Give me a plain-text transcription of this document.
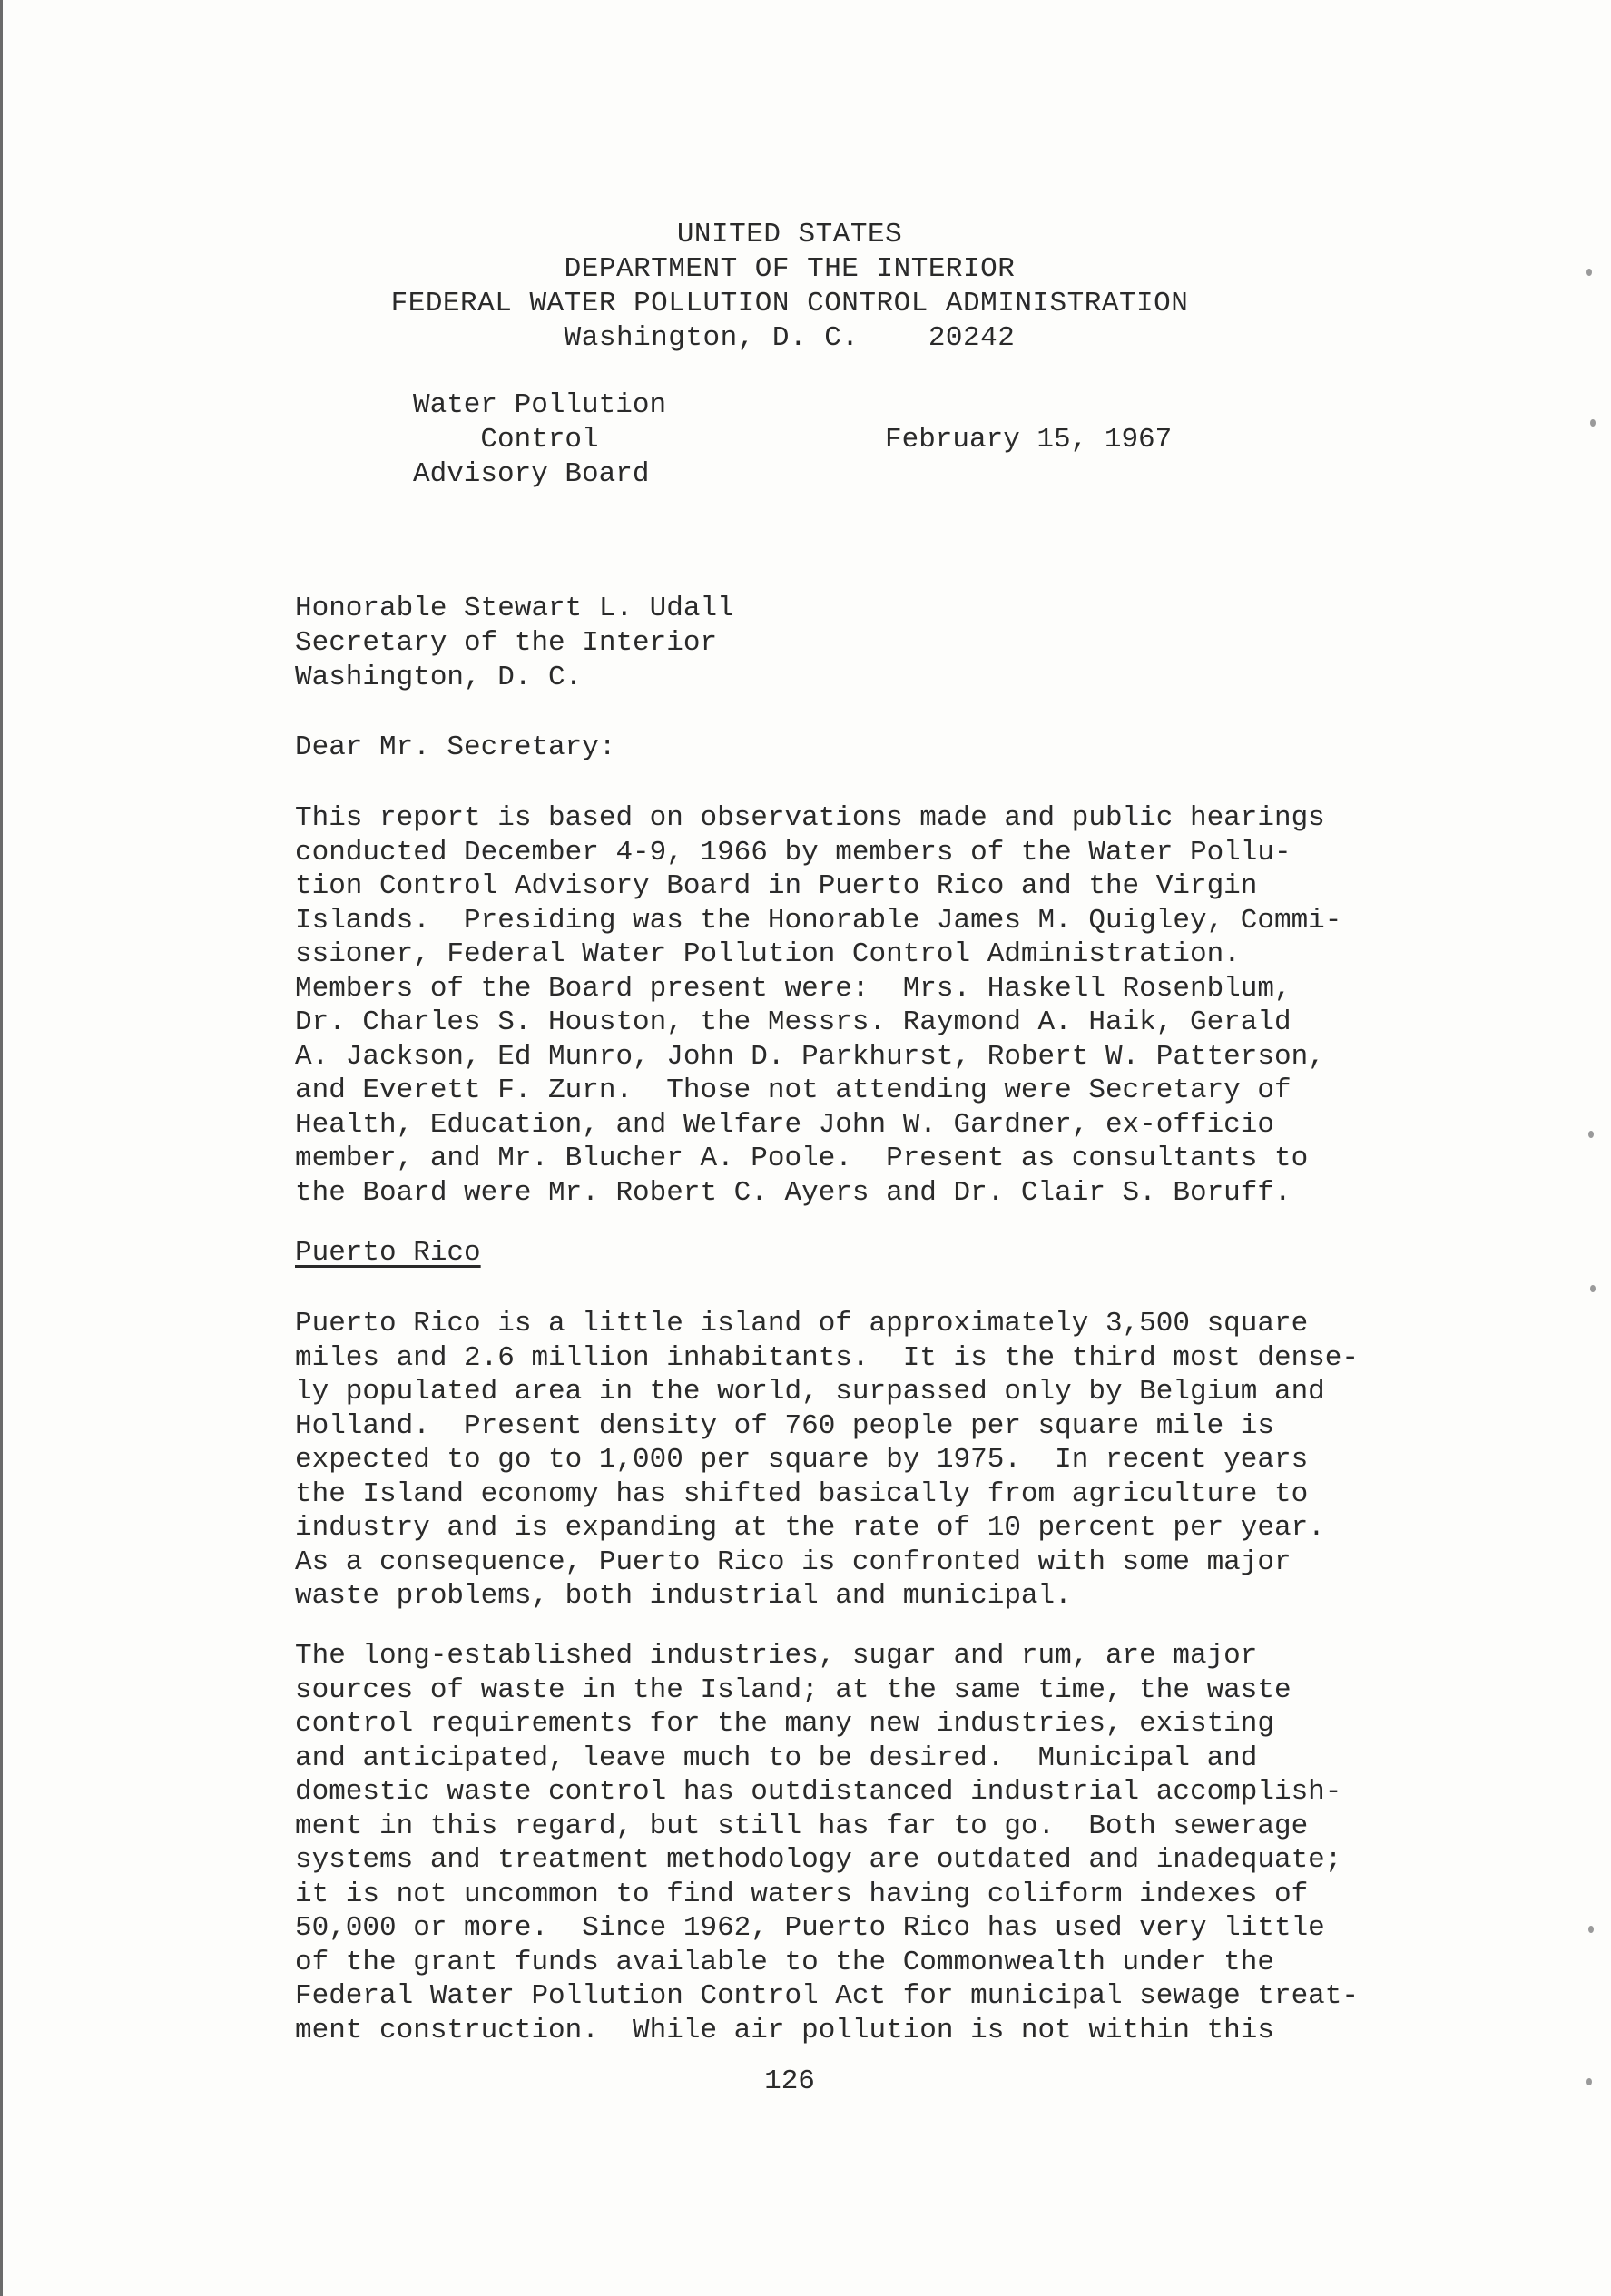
UNITED STATES
DEPARTMENT OF THE INTERIOR
FEDERAL WATER POLLUTION CONTROL ADMINISTRATION
Washington, D. C.    20242
Water Pollution
Control
Advisory Board
February 15, 1967
Honorable Stewart L. Udall
Secretary of the Interior
Washington, D. C.
Dear Mr. Secretary:
This report is based on observations made and public hearings
conducted December 4-9, 1966 by members of the Water Pollu-
tion Control Advisory Board in Puerto Rico and the Virgin
Islands.  Presiding was the Honorable James M. Quigley, Commi-
ssioner, Federal Water Pollution Control Administration.
Members of the Board present were:  Mrs. Haskell Rosenblum,
Dr. Charles S. Houston, the Messrs. Raymond A. Haik, Gerald
A. Jackson, Ed Munro, John D. Parkhurst, Robert W. Patterson,
and Everett F. Zurn.  Those not attending were Secretary of
Health, Education, and Welfare John W. Gardner, ex-officio
member, and Mr. Blucher A. Poole.  Present as consultants to
the Board were Mr. Robert C. Ayers and Dr. Clair S. Boruff.
Puerto Rico
Puerto Rico is a little island of approximately 3,500 square
miles and 2.6 million inhabitants.  It is the third most dense-
ly populated area in the world, surpassed only by Belgium and
Holland.  Present density of 760 people per square mile is
expected to go to 1,000 per square by 1975.  In recent years
the Island economy has shifted basically from agriculture to
industry and is expanding at the rate of 10 percent per year.
As a consequence, Puerto Rico is confronted with some major
waste problems, both industrial and municipal.
The long-established industries, sugar and rum, are major
sources of waste in the Island; at the same time, the waste
control requirements for the many new industries, existing
and anticipated, leave much to be desired.  Municipal and
domestic waste control has outdistanced industrial accomplish-
ment in this regard, but still has far to go.  Both sewerage
systems and treatment methodology are outdated and inadequate;
it is not uncommon to find waters having coliform indexes of
50,000 or more.  Since 1962, Puerto Rico has used very little
of the grant funds available to the Commonwealth under the
Federal Water Pollution Control Act for municipal sewage treat-
ment construction.  While air pollution is not within this
126
